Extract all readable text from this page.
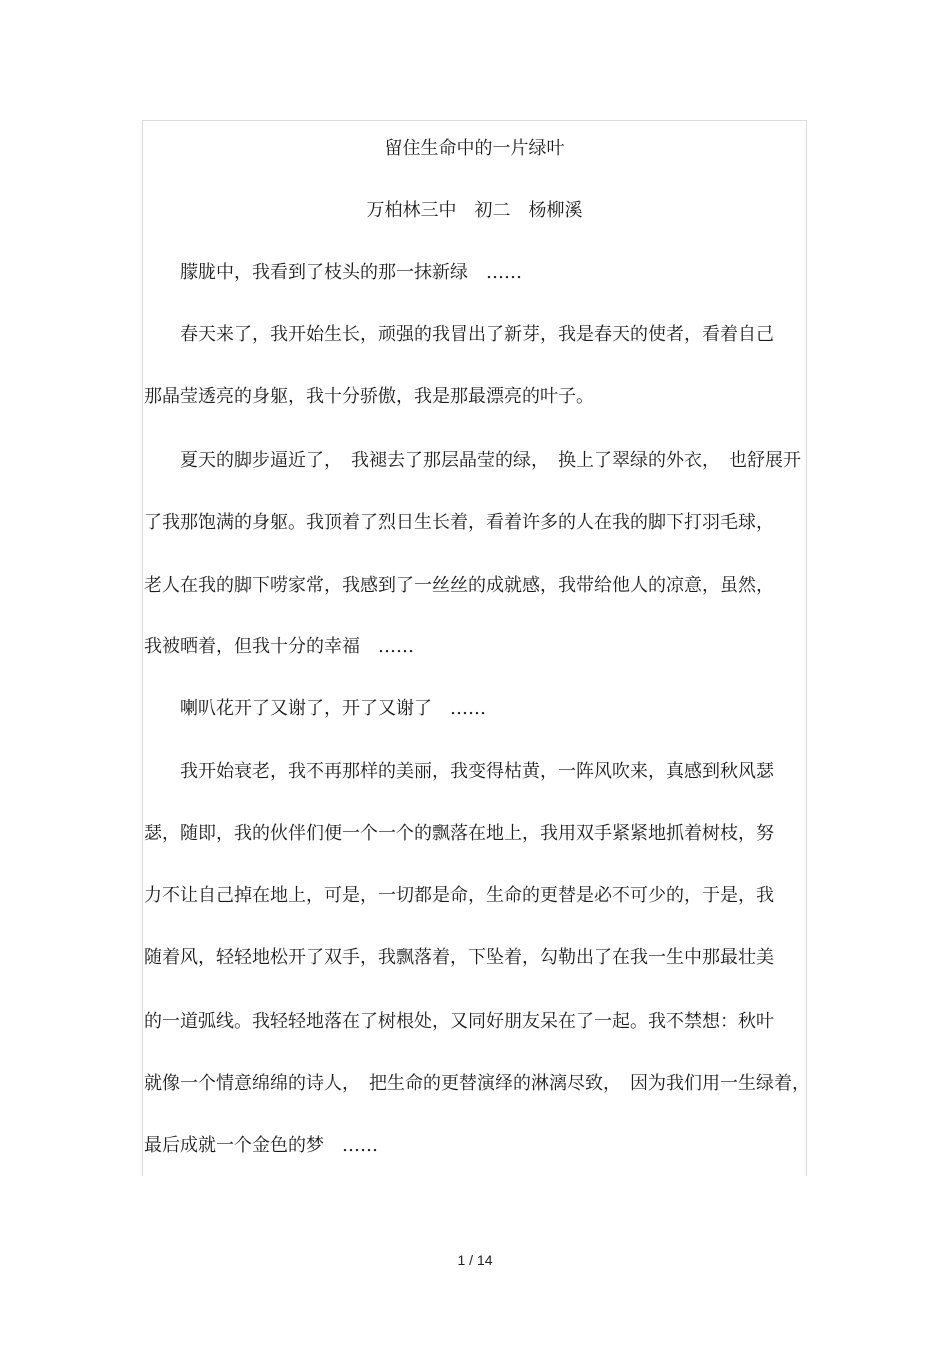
留住生命中的一片绿叶
万柏林三中　初二　杨柳溪
　　朦胧中，我看到了枝头的那一抹新绿　……
　　春天来了，我开始生长，顽强的我冒出了新芽，我是春天的使者，看着自己
那晶莹透亮的身躯，我十分骄傲，我是那最漂亮的叶子。
　　夏天的脚步逼近了，　我褪去了那层晶莹的绿，　换上了翠绿的外衣，　也舒展开
了我那饱满的身躯。我顶着了烈日生长着，看着许多的人在我的脚下打羽毛球，
老人在我的脚下唠家常，我感到了一丝丝的成就感，我带给他人的凉意，虽然，
我被晒着，但我十分的幸福　……
　　喇叭花开了又谢了，开了又谢了　……
　　我开始衰老，我不再那样的美丽，我变得枯黄，一阵风吹来，真感到秋风瑟
瑟，随即，我的伙伴们便一个一个的飘落在地上，我用双手紧紧地抓着树枝，努
力不让自己掉在地上，可是，一切都是命，生命的更替是必不可少的，于是，我
随着风，轻轻地松开了双手，我飘落着，下坠着，勾勒出了在我一生中那最壮美
的一道弧线。我轻轻地落在了树根处，又同好朋友呆在了一起。我不禁想：秋叶
就像一个情意绵绵的诗人，　把生命的更替演绎的淋漓尽致，　因为我们用一生绿着，
最后成就一个金色的梦　……
1 / 14
